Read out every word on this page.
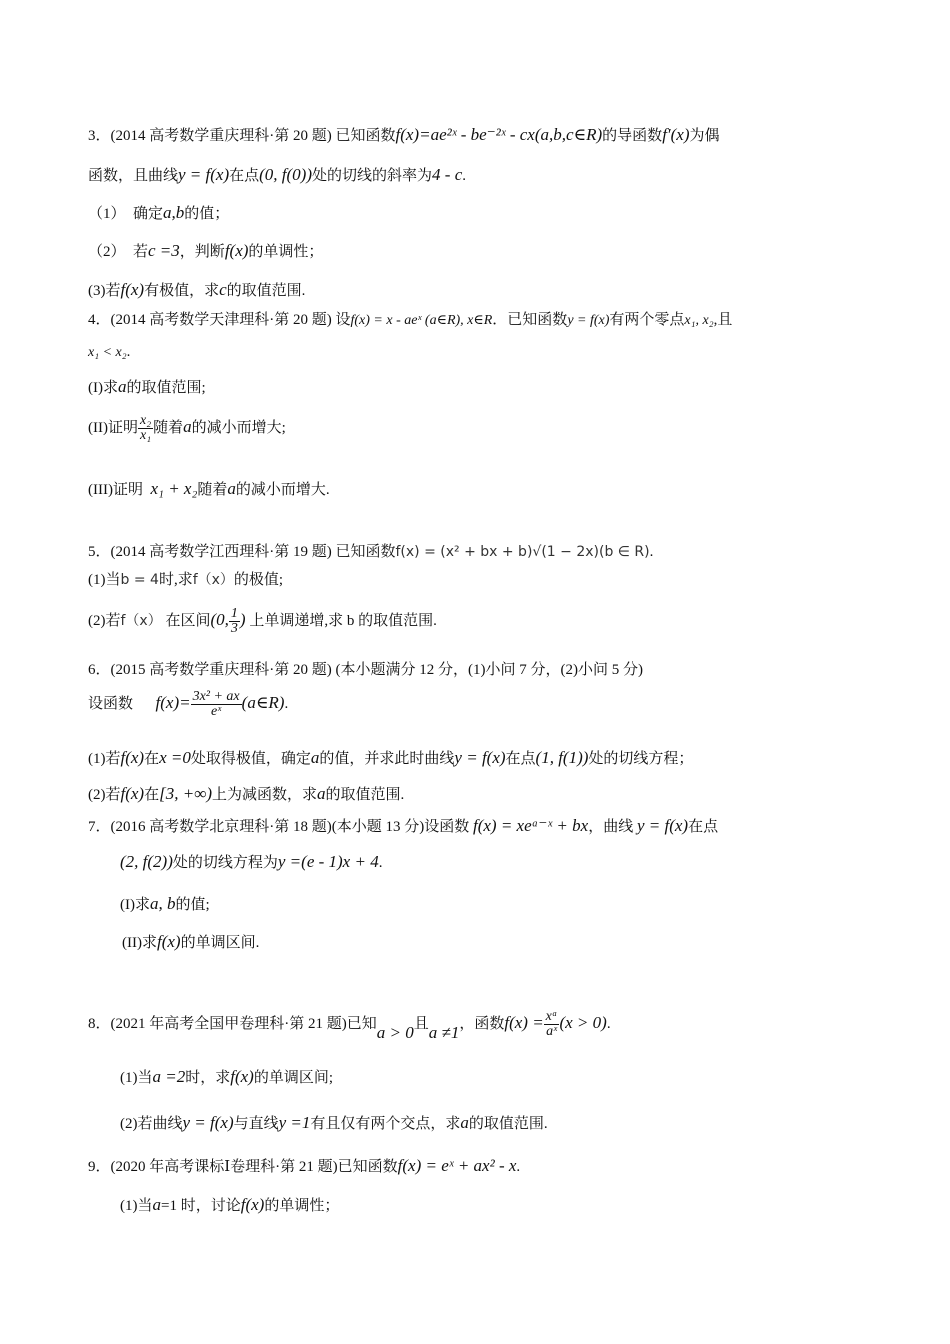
3．(2014 高考数学重庆理科·第 20 题) 已知函数f(x)=ae²ˣ - be⁻²ˣ - cx(a,b,c∈R)的导函数f′(x)为偶
函数，且曲线y = f(x)在点(0, f(0))处的切线的斜率为4 - c.
（1）　确定a,b的值；
（2）　若c =3，判断f(x)的单调性；
(3)若f(x)有极值，求c的取值范围.
4．(2014 高考数学天津理科·第 20 题) 设f(x) = x - aeˣ (a∈R), x∈R．已知函数y = f(x)有两个零点x₁, x₂,且
x₁ < x₂.
(I)求a的取值范围;
(II)证明 $\frac{\text{x₂}}{\text{x₁}}$ 随着a的减小而增大;
(III)证明 x₁ + x₂随着a的减小而增大.
5．(2014 高考数学江西理科·第 19 题) 已知函数f(x) = (x² + bx + b)√(1 − 2x)(b ∈ R).
(1)当b = 4时,求f（x）的极值;
(2)若f（x） 在区间(0, $\frac{1}{3}$ ) 上单调递增,求 b 的取值范围.
6．(2015 高考数学重庆理科·第 20 题) (本小题满分 12 分，(1)小问 7 分，(2)小问 5 分)
设函数 $f(x)= \frac{\text{3x² + ax}}{\text{eˣ}}$ (a∈R).
(1)若f(x)在x =0处取得极值，确定a的值，并求此时曲线y = f(x)在点(1, f(1))处的切线方程；
(2)若f(x)在[3, +∞)上为减函数，求a的取值范围.
7．(2016 高考数学北京理科·第 18 题)(本小题 13 分)设函数 f(x) = xeᵃ⁻ˣ + bx，曲线 y = f(x)在点
(2, f(2))处的切线方程为y =(e - 1)x + 4.
(I)求a, b的值;
(II)求f(x)的单调区间.
8．(2021 年高考全国甲卷理科·第 21 题)已知a > 0且a ≠1，函数$f(x) = \frac{\text{xᵃ}}{\text{aˣ}} (x > 0)$.
(1)当a =2时，求f(x)的单调区间;
(2)若曲线y = f(x)与直线y =1有且仅有两个交点，求a的取值范围.
9．(2020 年高考课标Ⅰ卷理科·第 21 题)已知函数f(x) = eˣ + ax² - x.
(1)当a=1 时，讨论f(x)的单调性；
